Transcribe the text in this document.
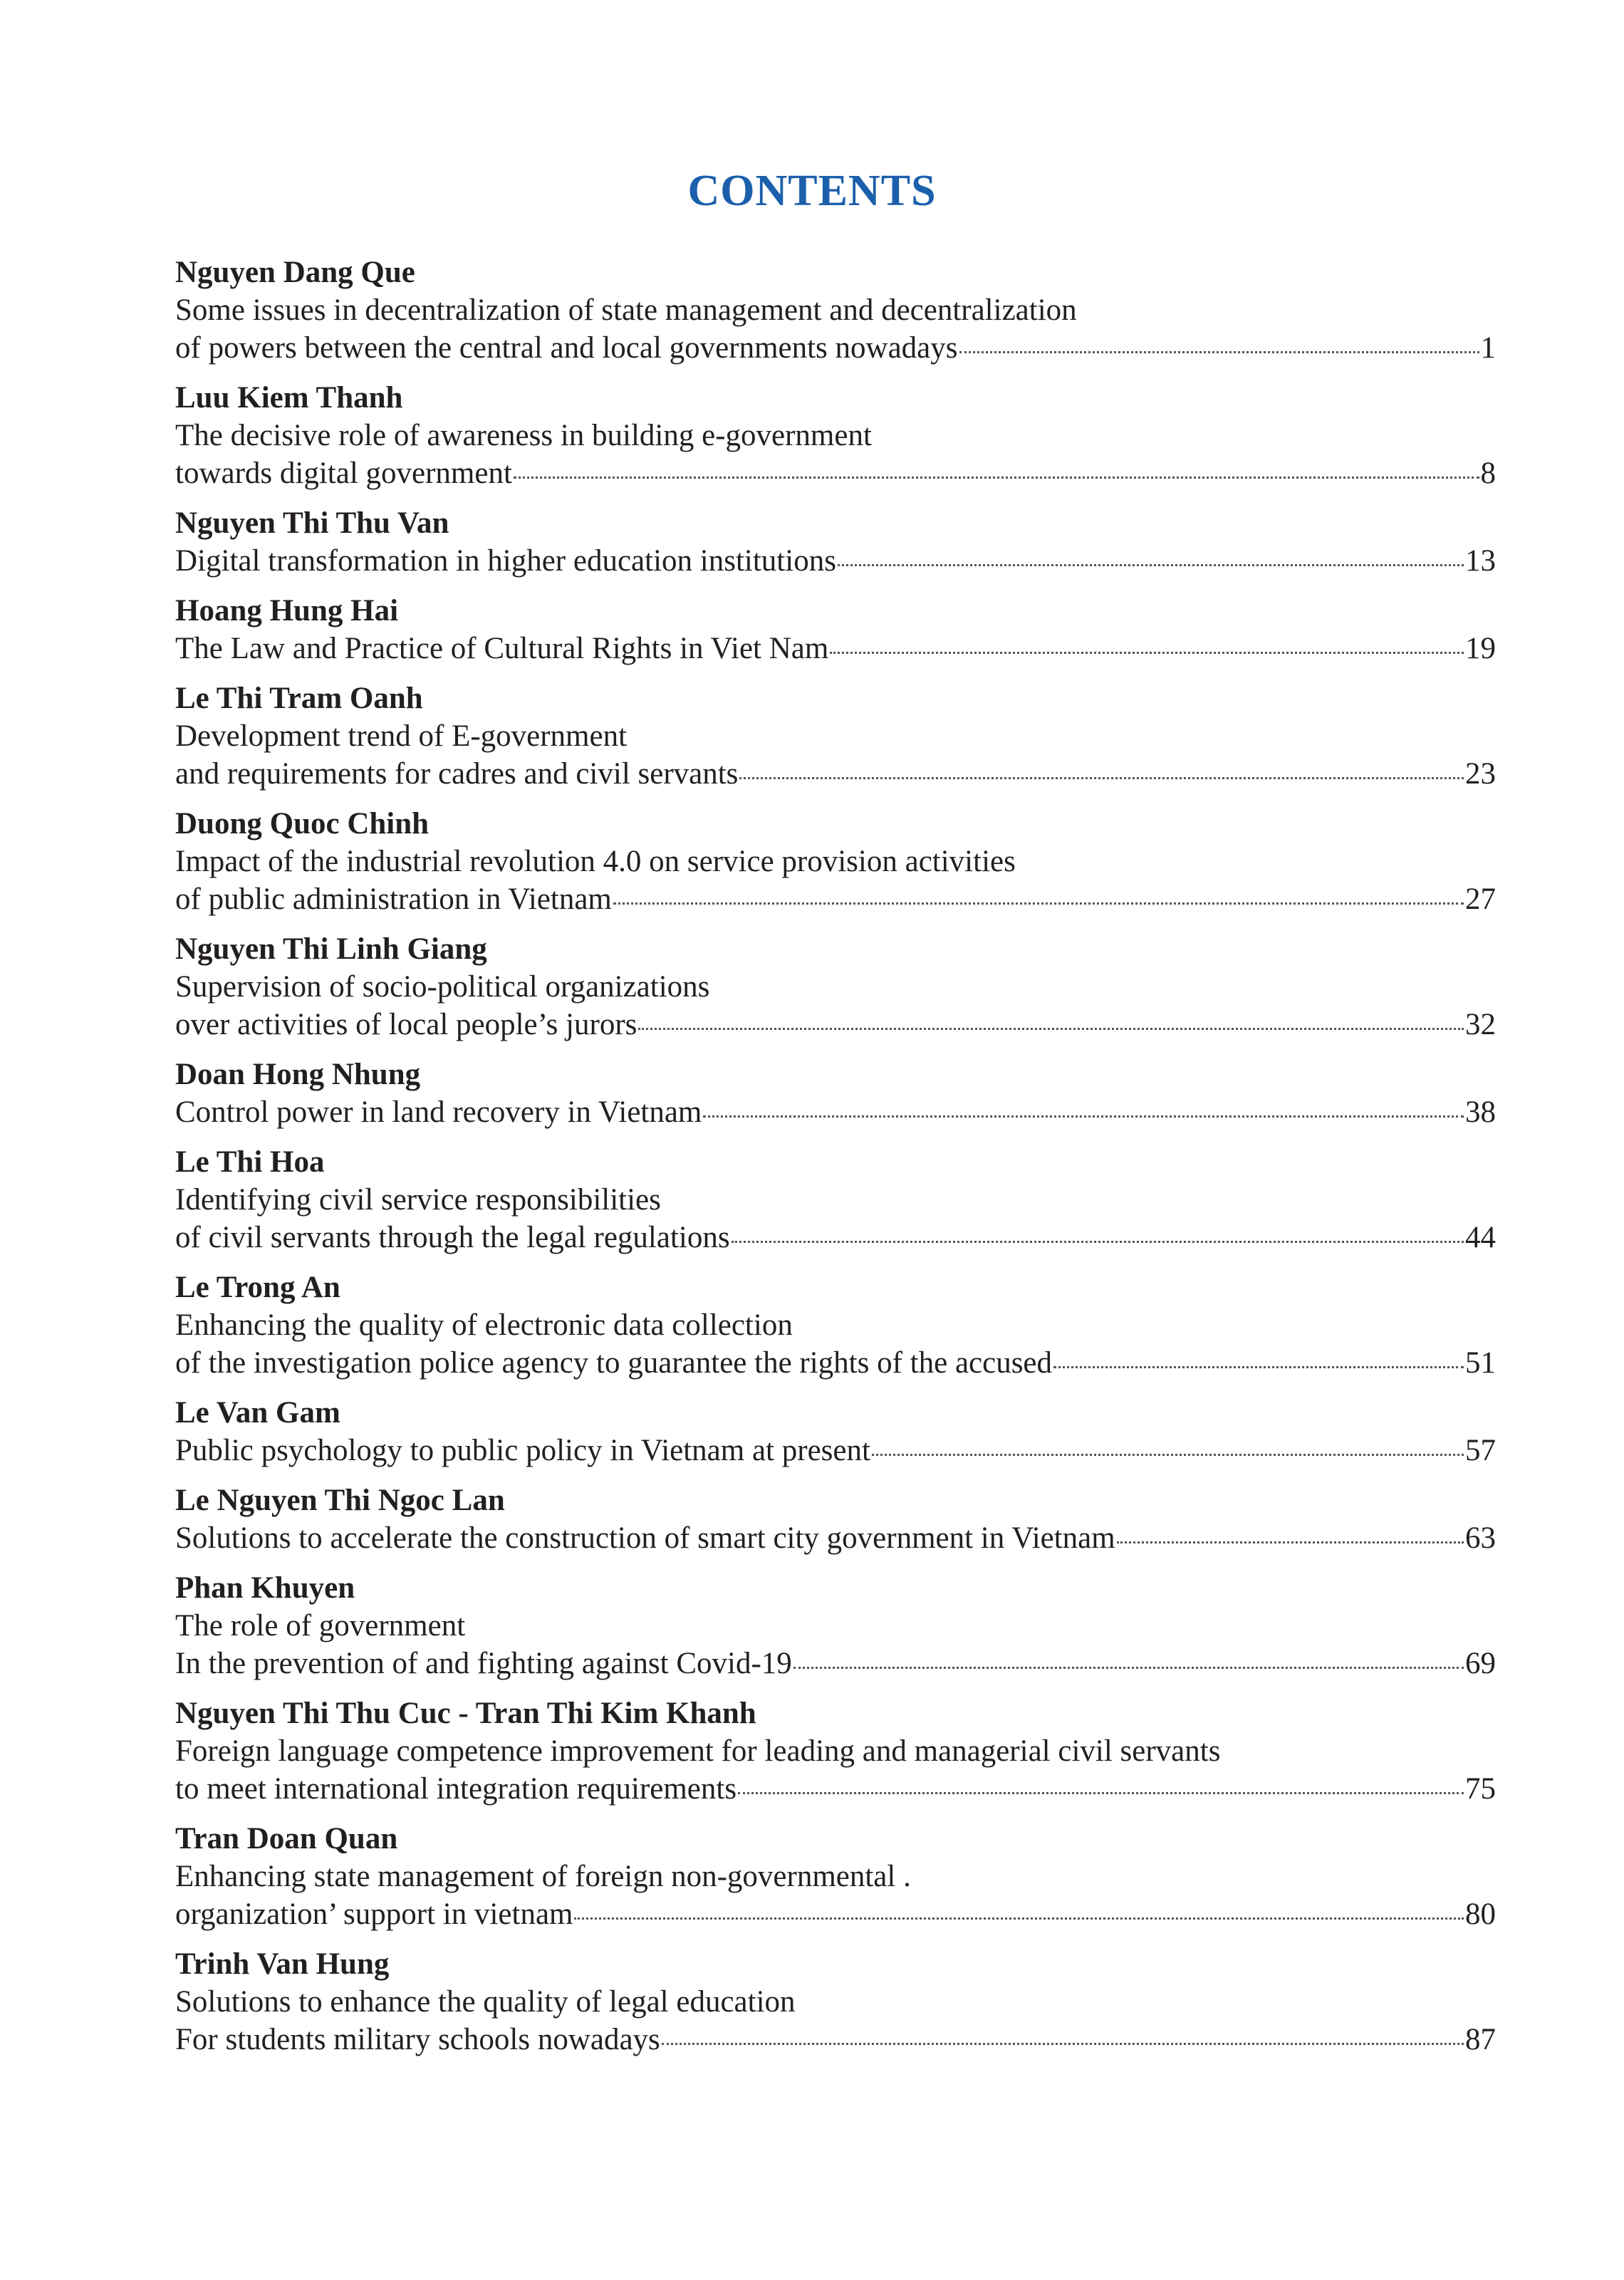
CONTENTS
Nguyen Dang Que
Some issues in decentralization of state management and decentralization
of powers between the central and local governments nowadays	1
Luu Kiem Thanh
The decisive role of awareness in building e-government
towards digital government	8
Nguyen Thi Thu Van
Digital transformation in higher education institutions	13
Hoang Hung Hai
The Law and Practice of Cultural Rights in Viet Nam	19
Le Thi Tram Oanh
Development trend of E-government
and requirements for cadres and civil servants	23
Duong Quoc Chinh
Impact of the industrial revolution 4.0 on service provision activities
of public administration in Vietnam	27
Nguyen Thi Linh Giang
Supervision of socio-political organizations
over activities of local people’s jurors	32
Doan Hong Nhung
Control power in land recovery in Vietnam	38
Le Thi Hoa
Identifying civil service responsibilities
of civil servants through the legal regulations	44
Le Trong An
Enhancing the quality of electronic data collection
of the investigation police agency to guarantee the rights of the accused	51
Le Van Gam
Public psychology to public policy in Vietnam at present	57
Le Nguyen Thi Ngoc Lan
Solutions to accelerate the construction of smart city government in Vietnam	63
Phan Khuyen
The role of government
In the prevention of and fighting against Covid-19	69
Nguyen Thi Thu Cuc - Tran Thi Kim Khanh
Foreign language competence improvement for leading and managerial civil servants
to meet international integration requirements	75
Tran Doan Quan
Enhancing state management of foreign non-governmental .
organization’ support in vietnam	80
Trinh Van Hung
Solutions to enhance the quality of legal education
For students military schools nowadays	87
